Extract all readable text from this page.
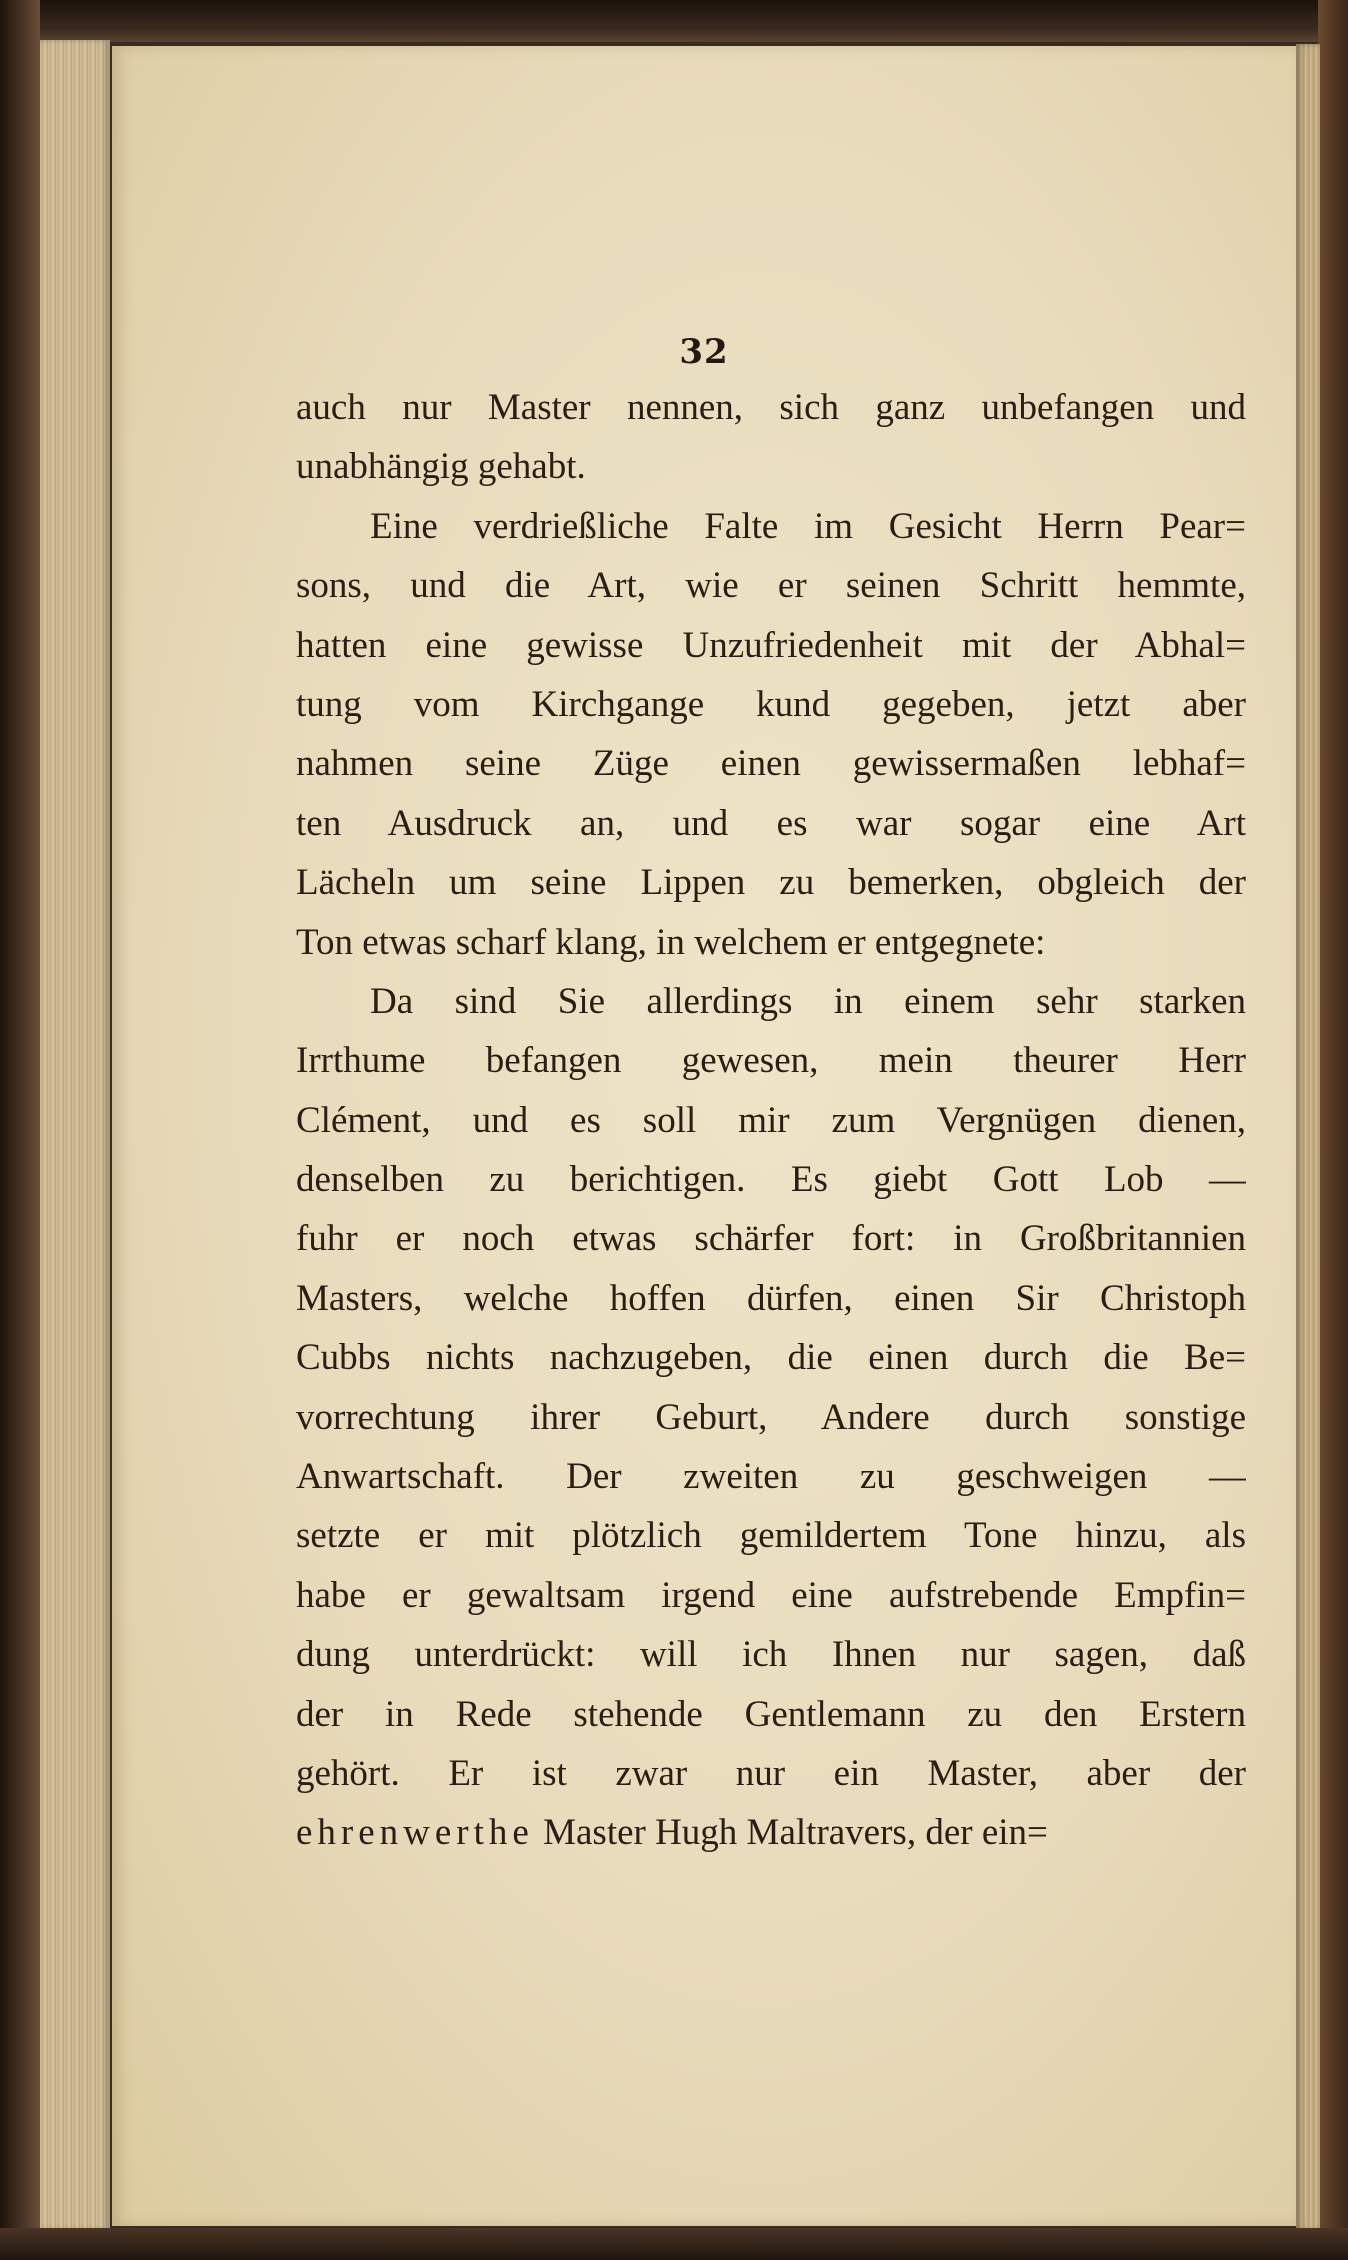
32
auch nur Master nennen, sich ganz unbefangen und
unabhängig gehabt.
Eine verdrießliche Falte im Gesicht Herrn Pear=
sons, und die Art, wie er seinen Schritt hemmte,
hatten eine gewisse Unzufriedenheit mit der Abhal=
tung vom Kirchgange kund gegeben, jetzt aber
nahmen seine Züge einen gewissermaßen lebhaf=
ten Ausdruck an, und es war sogar eine Art
Lächeln um seine Lippen zu bemerken, obgleich der
Ton etwas scharf klang, in welchem er entgegnete:
Da sind Sie allerdings in einem sehr starken
Irrthume befangen gewesen, mein theurer Herr
Clément, und es soll mir zum Vergnügen dienen,
denselben zu berichtigen. Es giebt Gott Lob —
fuhr er noch etwas schärfer fort: in Großbritannien
Masters, welche hoffen dürfen, einen Sir Christoph
Cubbs nichts nachzugeben, die einen durch die Be=
vorrechtung ihrer Geburt, Andere durch sonstige
Anwartschaft. Der zweiten zu geschweigen —
setzte er mit plötzlich gemildertem Tone hinzu, als
habe er gewaltsam irgend eine aufstrebende Empfin=
dung unterdrückt: will ich Ihnen nur sagen, daß
der in Rede stehende Gentlemann zu den Erstern
gehört. Er ist zwar nur ein Master, aber der
ehrenwerthe Master Hugh Maltravers, der ein=
